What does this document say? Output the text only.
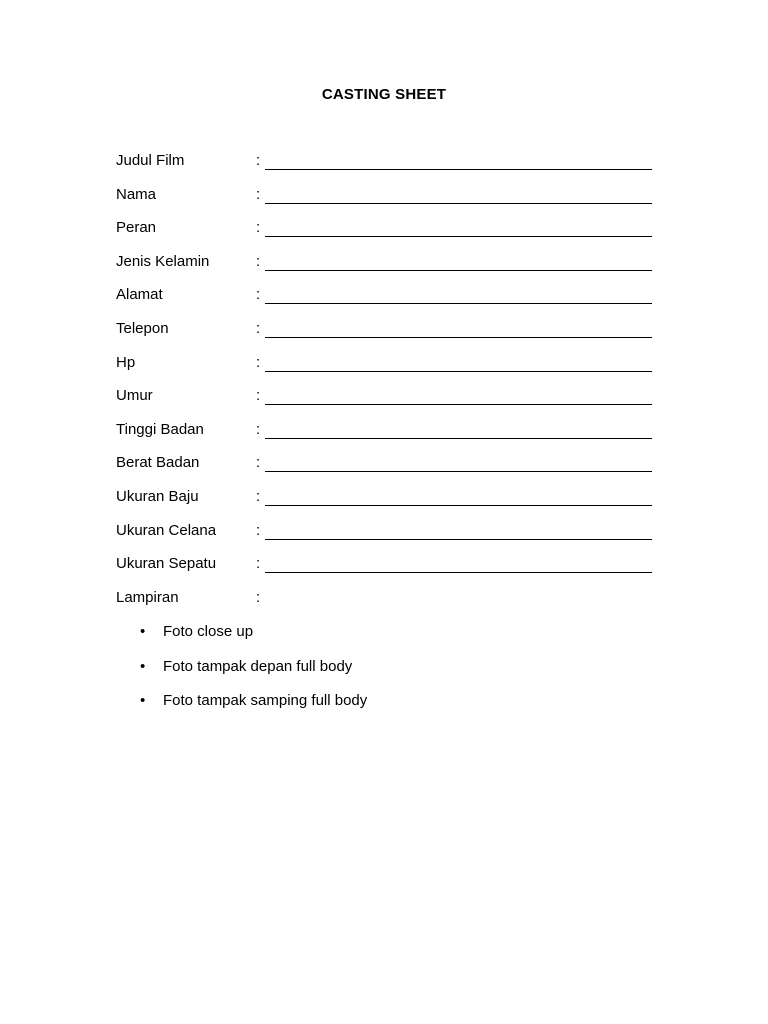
CASTING SHEET
Judul Film	:
Nama	:
Peran	:
Jenis Kelamin	:
Alamat	:
Telepon	:
Hp	:
Umur	:
Tinggi Badan	:
Berat Badan	:
Ukuran Baju	:
Ukuran Celana	:
Ukuran Sepatu	:
Lampiran	:
• Foto close up
• Foto tampak depan full body
• Foto tampak samping full body
